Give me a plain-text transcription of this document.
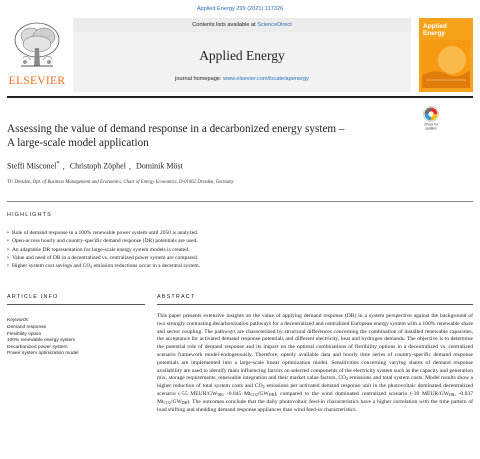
Applied Energy 299 (2021) 117326
ELSEVIER
Contents lists available at ScienceDirect
Applied Energy
journal homepage: www.elsevier.com/locate/apenergy
Applied
Energy
Assessing the value of demand response in a decarbonized energy system –
A large-scale model application
Check for
updates
Steffi Misconel* , Christoph Zöphel , Dominik Möst
TU Dresden, Dpt. of Business Management and Economics, Chair of Energy Economics, D-01062 Dresden, Germany
HIGHLIGHTS
• Role of demand response in a 100% renewable power system until 2050 is analyzed.
• Open-access hourly and country-specific demand response (DR) potentials are used.
• An adaptable DR representation for large-scale energy system models is created.
• Value and need of DR in a decentralized vs. centralized power system are compared.
• Higher system cost savings and $CO_2$ emission reductions occur in a decentral system.
ARTICLE INFO
Keywords:
Demand response
Flexibility option
100% renewable energy system
Decarbonized power system
Power system optimization model
ABSTRACT

This paper presents extensive insights on the value of applying demand response (DR) in a system perspective against the background of two strongly contrasting decarbonization pathways for a decentralized and centralized European energy system with a 100% renewable share and sector coupling. The pathways are characterized by structural differences concerning the combination of installed renewable capacities, the acceptance for activated demand response potentials and different electricity, heat and hydrogen demands. The objective is to determine the potential role of demand response and its impact on the optimal combinations of flexibility options in a decentralized vs. centralized scenario framework model-endogenously. Therefore, openly available data and hourly time series of country-specific demand response potentials are implemented into a large-scale linear optimization model. Sensitivities concerning varying shares of demand response availability are used to identify main influencing factors on selected components of the electricity system such as the capacity and generation mix, storage requirements, renewable integration and their market value factors, $CO_2$ emissions and total system costs. Model results show a higher reduction of total system costs and $CO_2$ emissions per activated demand response unit in the photovoltaic dominated decentralized scenario (-55 MEUR/$GW_{DR}$, -0.045 $Mt_{CO2}/GW_{DR}$), compared to the wind dominated centralized scenario (-39 MEUR/$GW_{DR}$, -0.037 $Mt_{CO2}/GW_{DR}$). The outcomes conclude that the daily photovoltaic feed-in characteristics have a higher correlation with the time pattern of load shifting and shedding demand response appliances than wind feed-in characteristics.
